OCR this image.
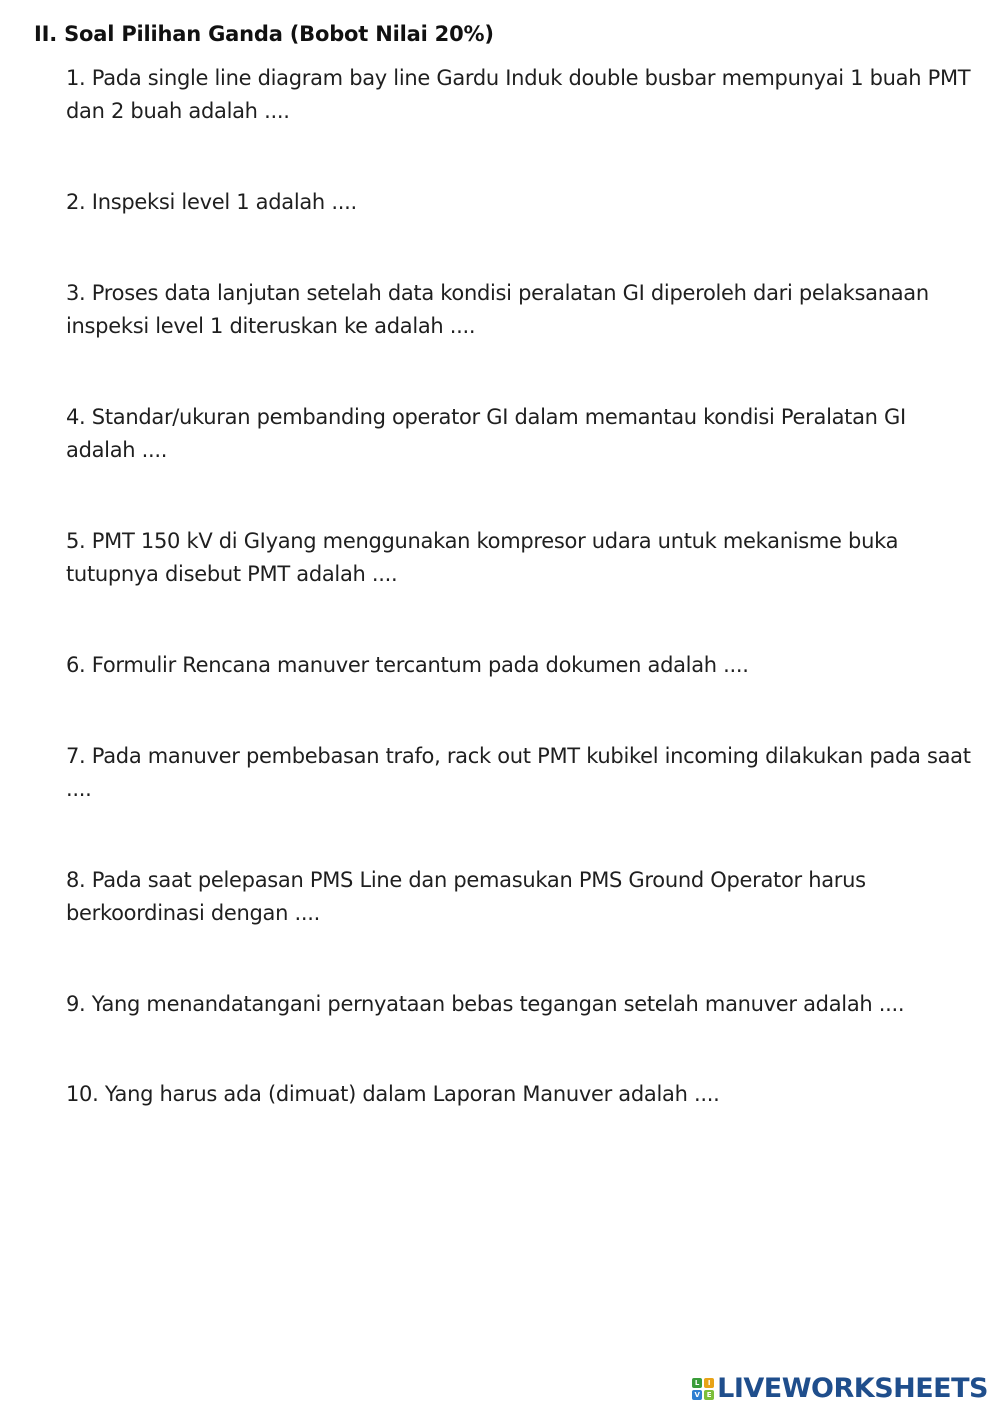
II. Soal Pilihan Ganda (Bobot Nilai 20%)
1. Pada single line diagram bay line Gardu Induk double busbar mempunyai 1 buah PMT dan 2 buah adalah ....
2. Inspeksi level 1 adalah ....
3. Proses data lanjutan setelah data kondisi peralatan GI diperoleh dari pelaksanaan inspeksi level 1 diteruskan ke adalah ....
4. Standar/ukuran pembanding operator GI dalam memantau kondisi Peralatan GI adalah ....
5. PMT 150 kV di GIyang menggunakan kompresor udara untuk mekanisme buka tutupnya disebut PMT adalah ....
6. Formulir Rencana manuver tercantum pada dokumen adalah ....
7. Pada manuver pembebasan trafo, rack out PMT kubikel incoming dilakukan pada saat ....
8. Pada saat pelepasan PMS Line dan pemasukan PMS Ground Operator harus berkoordinasi dengan ....
9. Yang menandatangani pernyataan bebas tegangan setelah manuver adalah ....
10. Yang harus ada (dimuat) dalam Laporan Manuver adalah ....
L	I
V E LIVEWORKSHEETS
